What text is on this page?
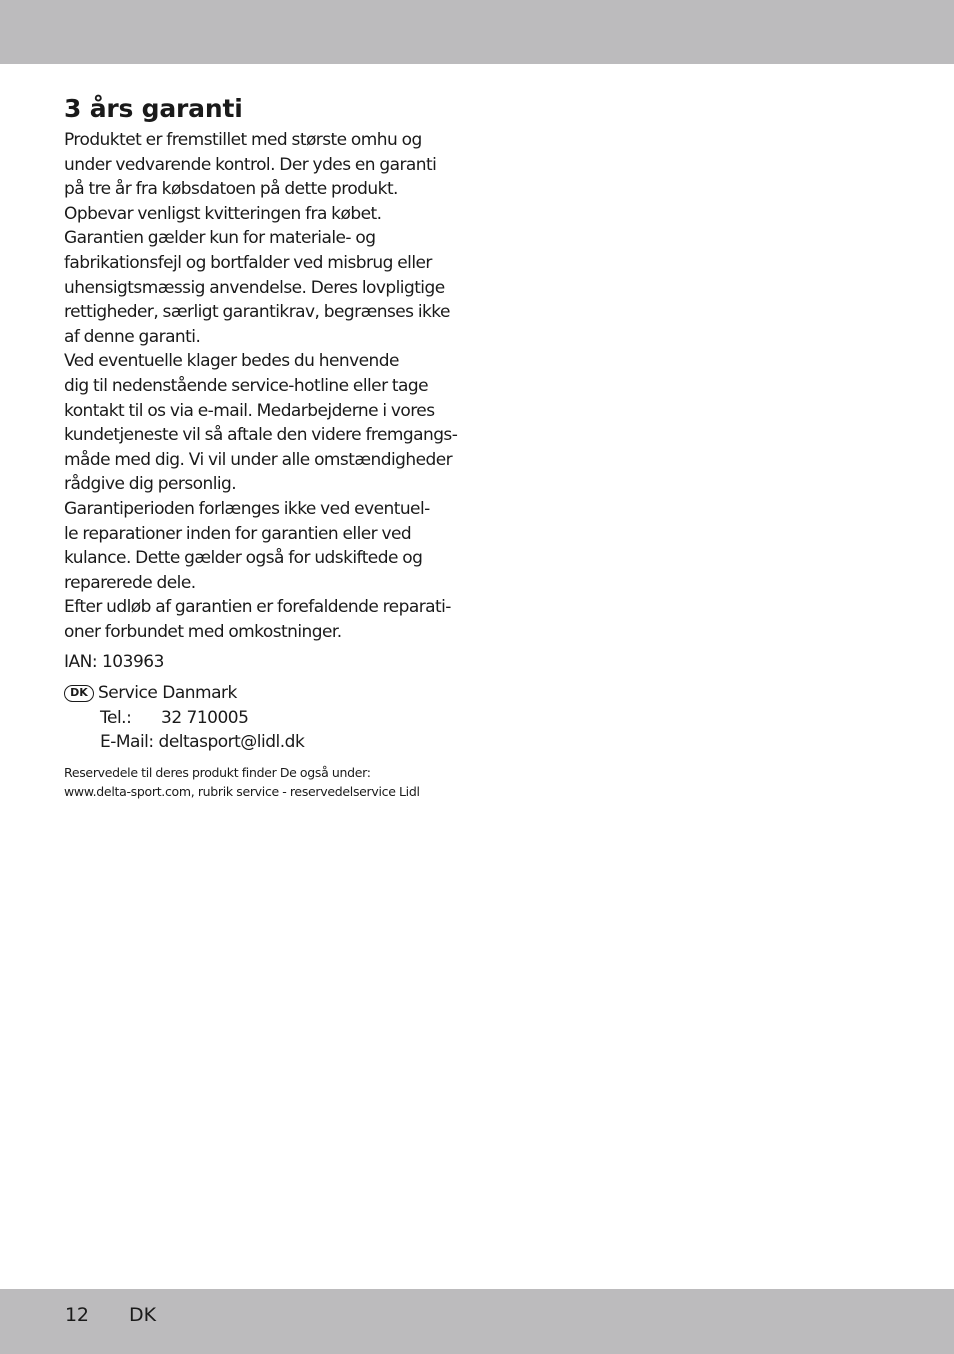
3 års garanti
Produktet er fremstillet med største omhu og
under vedvarende kontrol. Der ydes en garanti
på tre år fra købsdatoen på dette produkt.
Opbevar venligst kvitteringen fra købet.
Garantien gælder kun for materiale- og
fabrikationsfejl og bortfalder ved misbrug eller
uhensigtsmæssig anvendelse. Deres lovpligtige
rettigheder, særligt garantikrav, begrænses ikke
af denne garanti.
Ved eventuelle klager bedes du henvende
dig til nedenstående service-hotline eller tage
kontakt til os via e-mail. Medarbejderne i vores
kundetjeneste vil så aftale den videre fremgangs-
måde med dig. Vi vil under alle omstændigheder
rådgive dig personlig.
Garantiperioden forlænges ikke ved eventuel-
le reparationer inden for garantien eller ved
kulance. Dette gælder også for udskiftede og
reparerede dele.
Efter udløb af garantien er forefaldende reparati-
oner forbundet med omkostninger.
IAN: 103963
DK Service Danmark
Tel.:	32 710005
E-Mail: deltasport@lidl.dk
Reservedele til deres produkt finder De også under:
www.delta-sport.com, rubrik service - reservedelservice Lidl
12 DK
